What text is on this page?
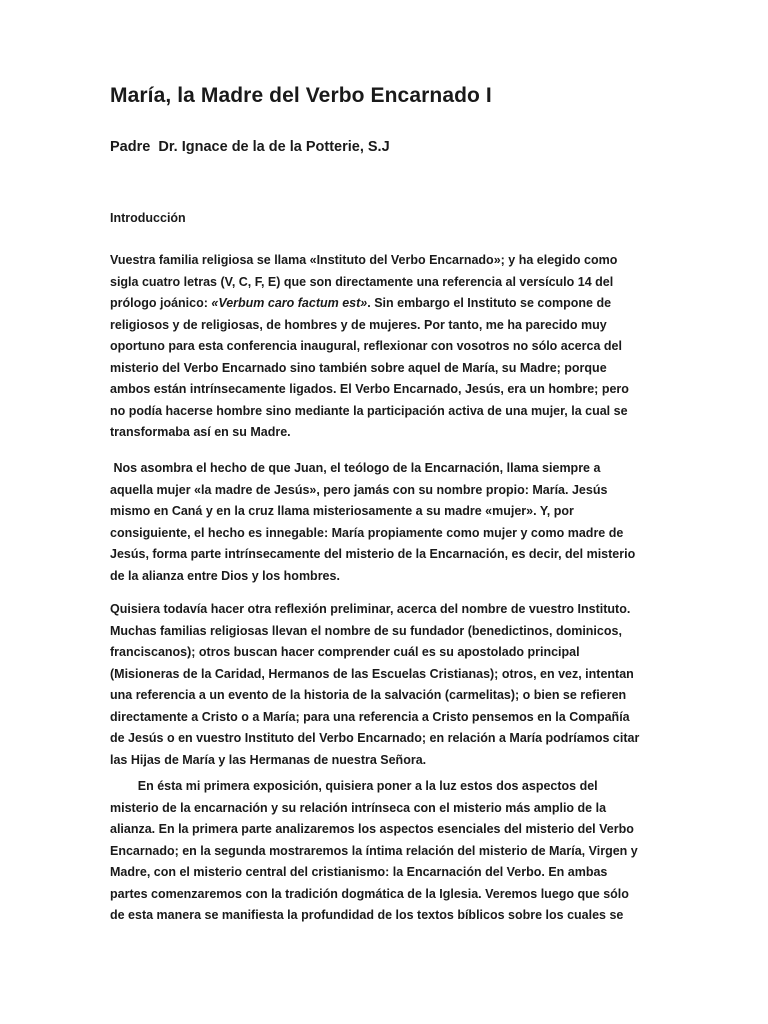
María, la Madre del Verbo Encarnado I

Padre  Dr. Ignace de la de la Potterie, S.J

Introducción

Vuestra familia religiosa se llama «Instituto del Verbo Encarnado»; y ha elegido como

sigla cuatro letras (V, C, F, E) que son directamente una referencia al versículo 14 del

prólogo joánico: «Verbum caro factum est». Sin embargo el Instituto se compone de

religiosos y de religiosas, de hombres y de mujeres. Por tanto, me ha parecido muy

oportuno para esta conferencia inaugural, reflexionar con vosotros no sólo acerca del

misterio del Verbo Encarnado sino también sobre aquel de María, su Madre; porque

ambos están intrínsecamente ligados. El Verbo Encarnado, Jesús, era un hombre; pero

no podía hacerse hombre sino mediante la participación activa de una mujer, la cual se

transformaba así en su Madre.

Nos asombra el hecho de que Juan, el teólogo de la Encarnación, llama siempre a

aquella mujer «la madre de Jesús», pero jamás con su nombre propio: María. Jesús

mismo en Caná y en la cruz llama misteriosamente a su madre «mujer». Y, por

consiguiente, el hecho es innegable: María propiamente como mujer y como madre de

Jesús, forma parte intrínsecamente del misterio de la Encarnación, es decir, del misterio

de la alianza entre Dios y los hombres.

Quisiera todavía hacer otra reflexión preliminar, acerca del nombre de vuestro Instituto.

Muchas familias religiosas llevan el nombre de su fundador (benedictinos, dominicos,

franciscanos); otros buscan hacer comprender cuál es su apostolado principal

(Misioneras de la Caridad, Hermanos de las Escuelas Cristianas); otros, en vez, intentan

una referencia a un evento de la historia de la salvación (carmelitas); o bien se refieren

directamente a Cristo o a María; para una referencia a Cristo pensemos en la Compañía

de Jesús o en vuestro Instituto del Verbo Encarnado; en relación a María podríamos citar

las Hijas de María y las Hermanas de nuestra Señora.

En ésta mi primera exposición, quisiera poner a la luz estos dos aspectos del

misterio de la encarnación y su relación intrínseca con el misterio más amplio de la

alianza. En la primera parte analizaremos los aspectos esenciales del misterio del Verbo

Encarnado; en la segunda mostraremos la íntima relación del misterio de María, Virgen y

Madre, con el misterio central del cristianismo: la Encarnación del Verbo. En ambas

partes comenzaremos con la tradición dogmática de la Iglesia. Veremos luego que sólo

de esta manera se manifiesta la profundidad de los textos bíblicos sobre los cuales se
